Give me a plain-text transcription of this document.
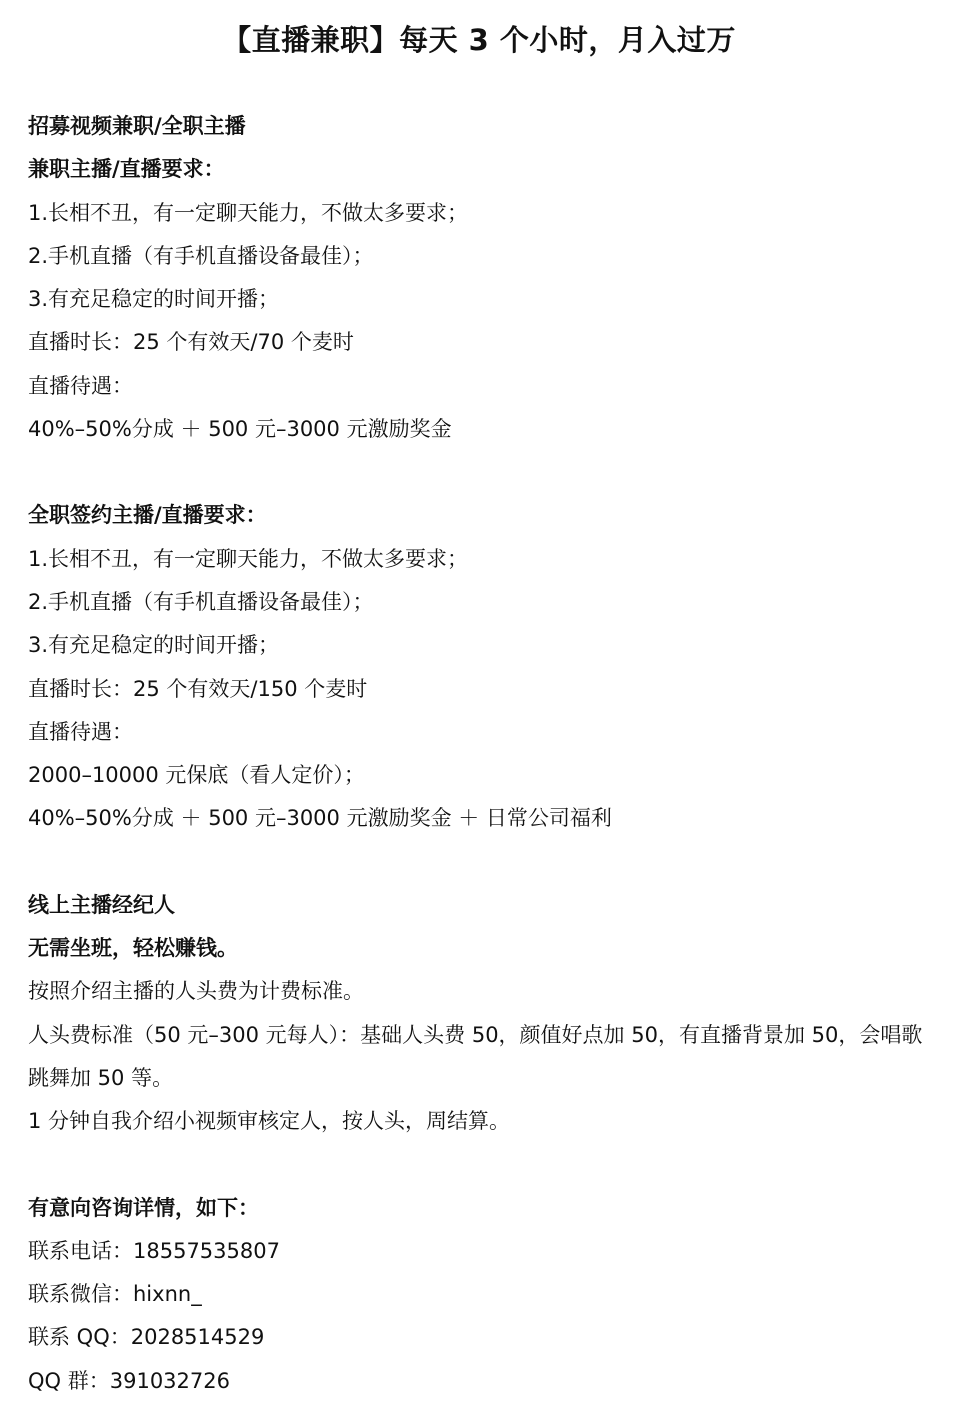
【直播兼职】每天 3 个小时，月入过万
招募视频兼职/全职主播
兼职主播/直播要求：
1.长相不丑，有一定聊天能力，不做太多要求；
2.手机直播（有手机直播设备最佳）；
3.有充足稳定的时间开播；
直播时长：25 个有效天/70 个麦时
直播待遇：
40%–50%分成 ＋ 500 元–3000 元激励奖金
全职签约主播/直播要求：
1.长相不丑，有一定聊天能力，不做太多要求；
2.手机直播（有手机直播设备最佳）；
3.有充足稳定的时间开播；
直播时长：25 个有效天/150 个麦时
直播待遇：
2000–10000 元保底（看人定价）；
40%–50%分成 ＋ 500 元–3000 元激励奖金 ＋ 日常公司福利
线上主播经纪人
无需坐班，轻松赚钱。
按照介绍主播的人头费为计费标准。
人头费标准（50 元–300 元每人）：基础人头费 50，颜值好点加 50，有直播背景加 50，会唱歌跳舞加 50 等。
1 分钟自我介绍小视频审核定人，按人头，周结算。
有意向咨询详情，如下：
联系电话：18557535807
联系微信：hixnn_
联系 QQ：2028514529
QQ 群：391032726
